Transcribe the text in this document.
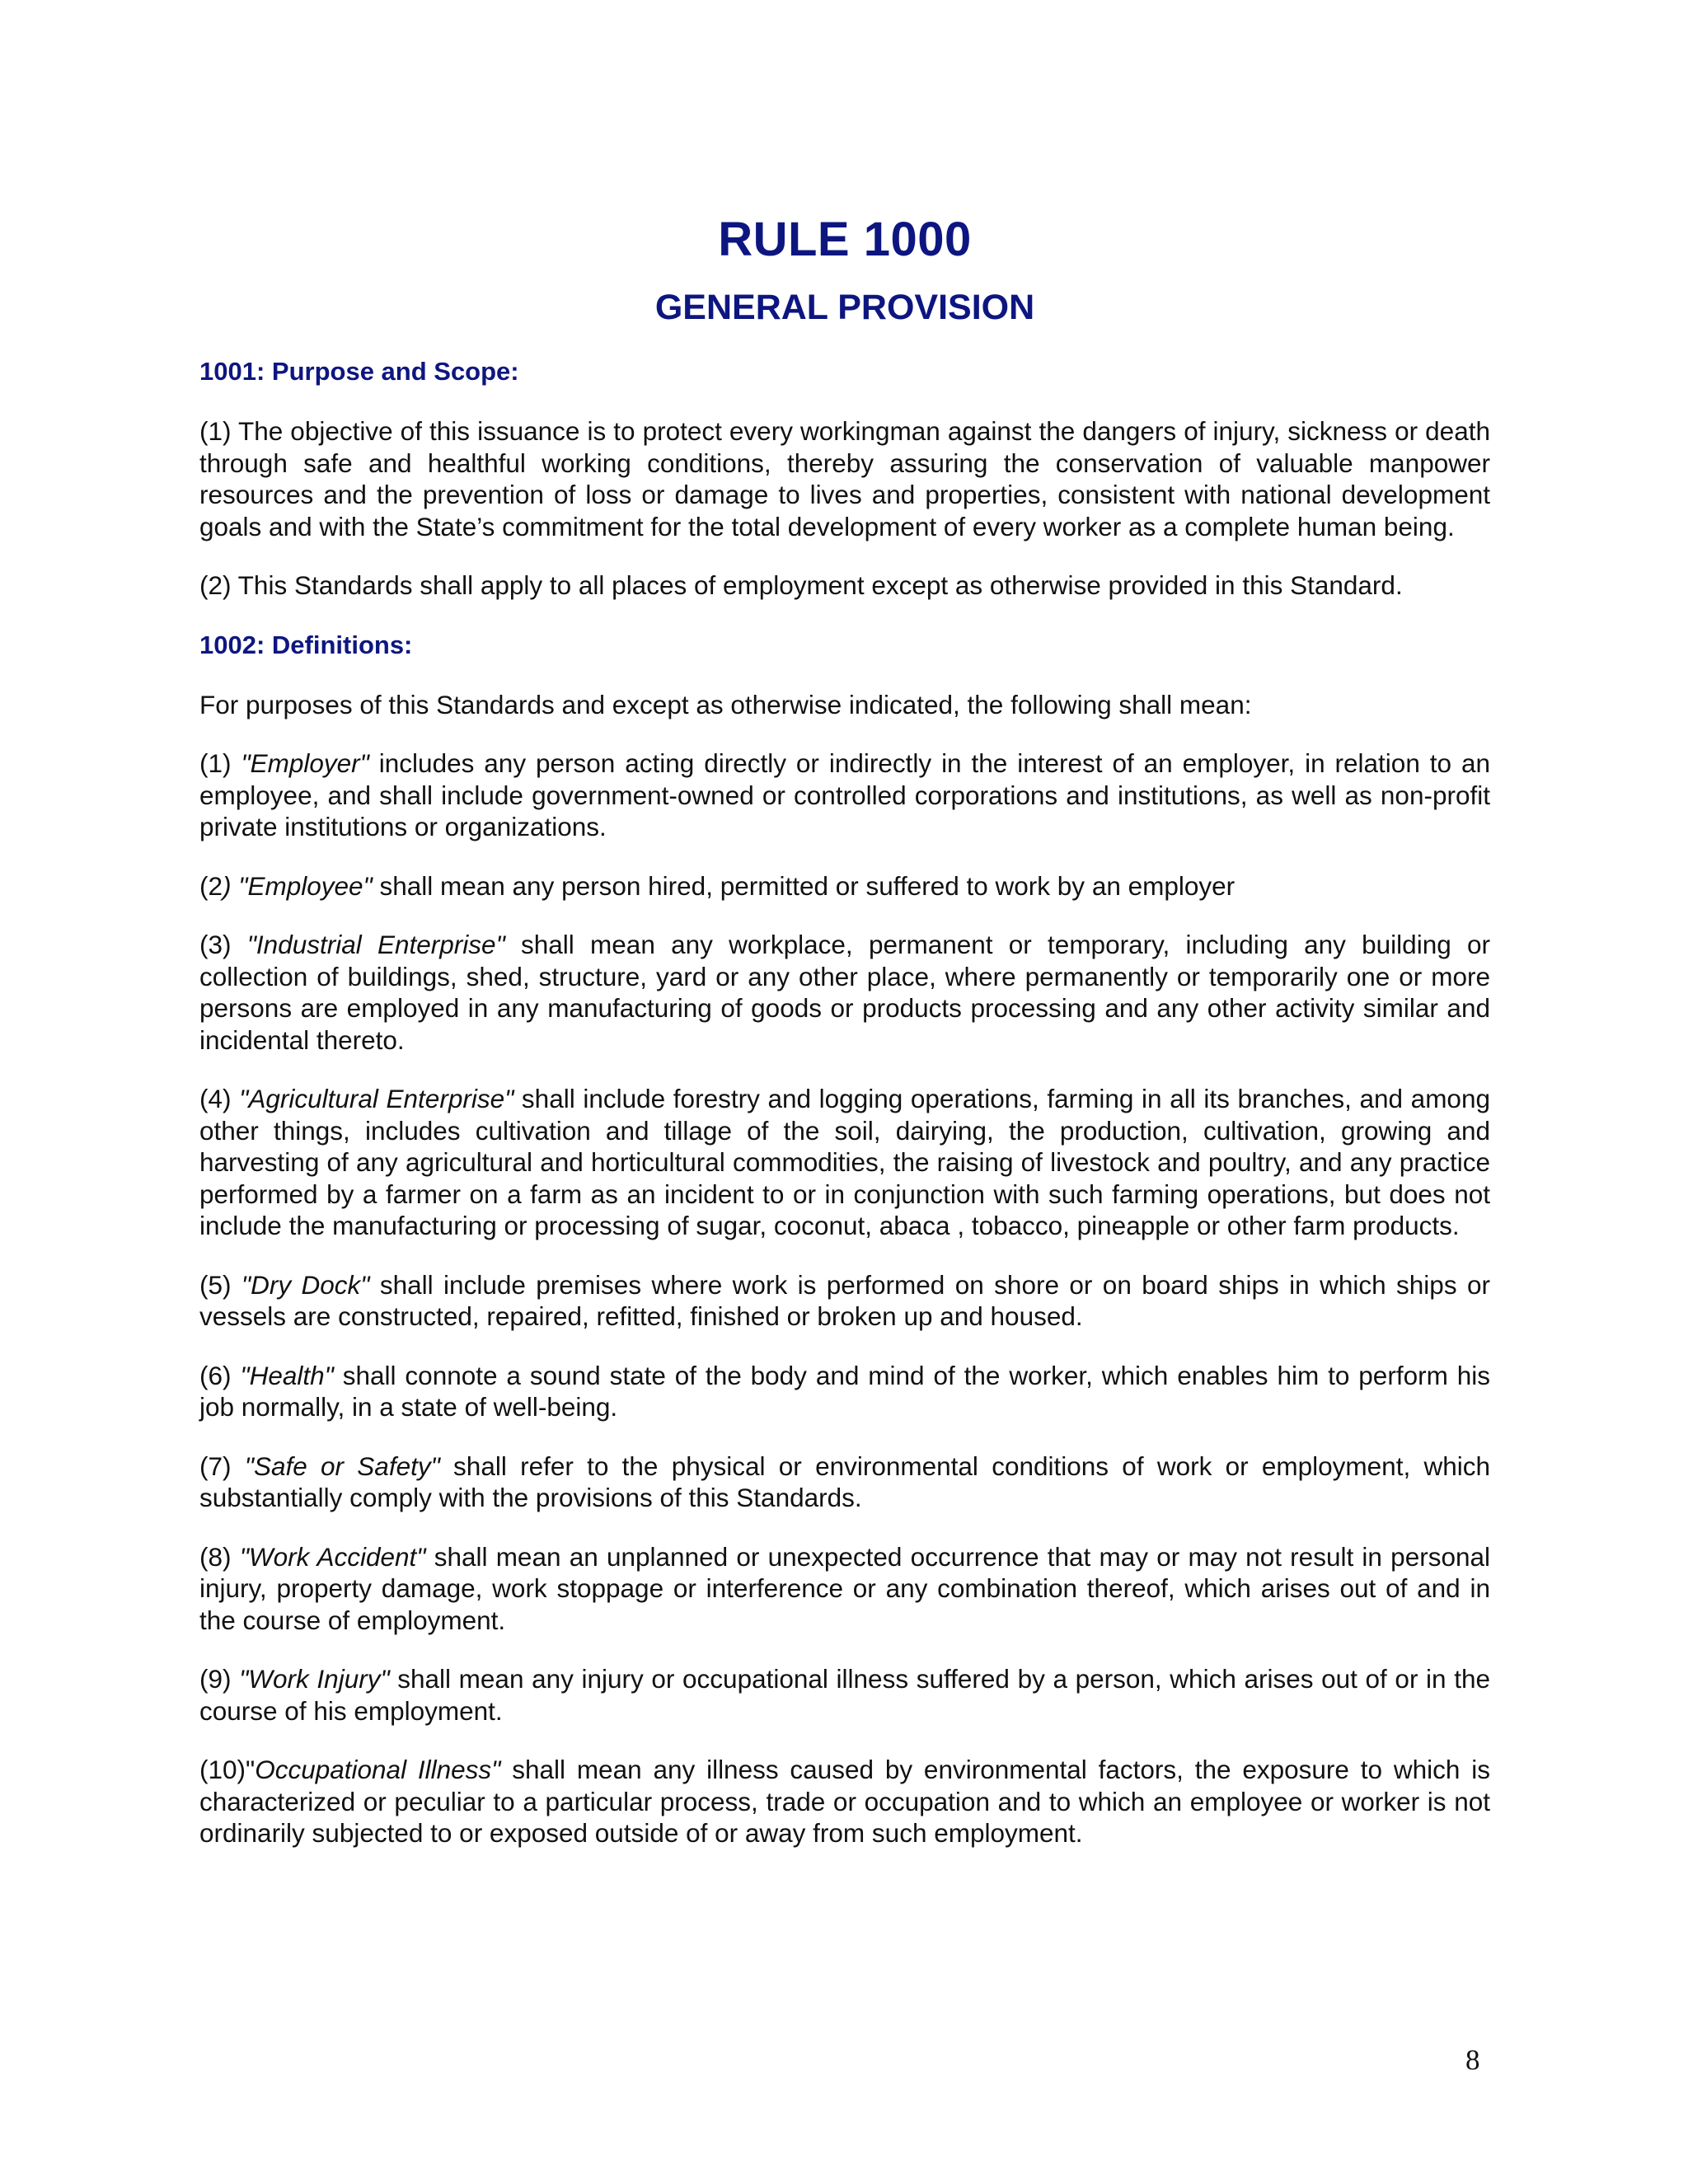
RULE 1000
GENERAL PROVISION
1001: Purpose and Scope:

(1) The objective of this issuance is to protect every workingman against the dangers of injury, sickness or death through safe and healthful working conditions, thereby assuring the conservation of valuable manpower resources and the prevention of loss or damage to lives and properties, consistent with national development goals and with the State’s commitment for the total development of every worker as a complete human being.

(2) This Standards shall apply to all places of employment except as otherwise provided in this Standard.

1002: Definitions:

For purposes of this Standards and except as otherwise indicated, the following shall mean:

(1) "Employer" includes any person acting directly or indirectly in the interest of an employer, in relation to an employee, and shall include government-owned or controlled corporations and institutions, as well as non-profit private institutions or organizations.

(2) "Employee" shall mean any person hired, permitted or suffered to work by an employer

(3) "Industrial Enterprise" shall mean any workplace, permanent or temporary, including any building or collection of buildings, shed, structure, yard or any other place, where permanently or temporarily one or more persons are employed in any manufacturing of goods or products processing and any other activity similar and incidental thereto.

(4) "Agricultural Enterprise" shall include forestry and logging operations, farming in all its branches, and among other things, includes cultivation and tillage of the soil, dairying, the production, cultivation, growing and harvesting of any agricultural and horticultural commodities, the raising of livestock and poultry, and any practice performed by a farmer on a farm as an incident to or in conjunction with such farming operations, but does not include the manufacturing or processing of sugar, coconut, abaca , tobacco, pineapple or other farm products.

(5) "Dry Dock" shall include premises where work is performed on shore or on board ships in which ships or vessels are constructed, repaired, refitted, finished or broken up and housed.

(6) "Health" shall connote a sound state of the body and mind of the worker, which enables him to perform his job normally, in a state of well-being.

(7) "Safe or Safety" shall refer to the physical or environmental conditions of work or employment, which substantially comply with the provisions of this Standards.

(8) "Work Accident" shall mean an unplanned or unexpected occurrence that may or may not result in personal injury, property damage, work stoppage or interference or any combination thereof, which arises out of and in the course of employment.

(9) "Work Injury" shall mean any injury or occupational illness suffered by a person, which arises out of or in the course of his employment.

(10)"Occupational Illness" shall mean any illness caused by environmental factors, the exposure to which is characterized or peculiar to a particular process, trade or occupation and to which an employee or worker is not ordinarily subjected to or exposed outside of or away from such employment.

8
